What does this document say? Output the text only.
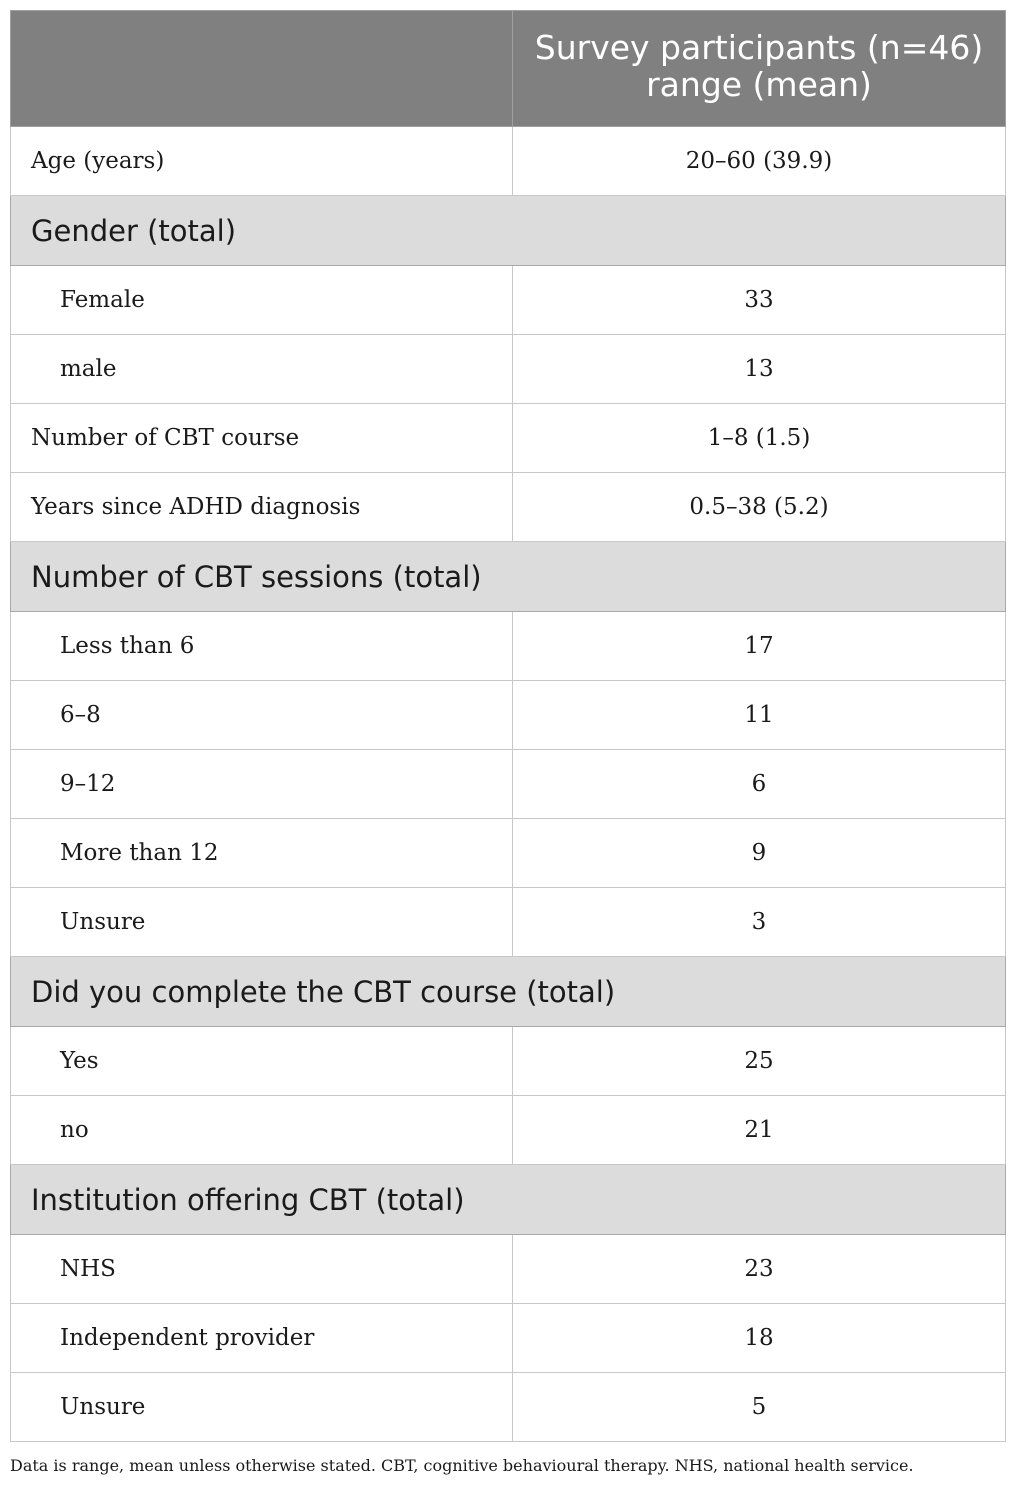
	Survey participants (n=46) range (mean)

Age (years)	20–60 (39.9)
Gender (total)	
Female	33
male	13
Number of CBT course	1–8 (1.5)
Years since ADHD diagnosis	0.5–38 (5.2)
Number of CBT sessions (total)	
Less than 6	17
6–8	11
9–12	6
More than 12	9
Unsure	3
Did you complete the CBT course (total)	
Yes	25
no	21
Institution offering CBT (total)	
NHS	23
Independent provider	18
Unsure	5
Data is range, mean unless otherwise stated. CBT, cognitive behavioural therapy. NHS, national health service.
